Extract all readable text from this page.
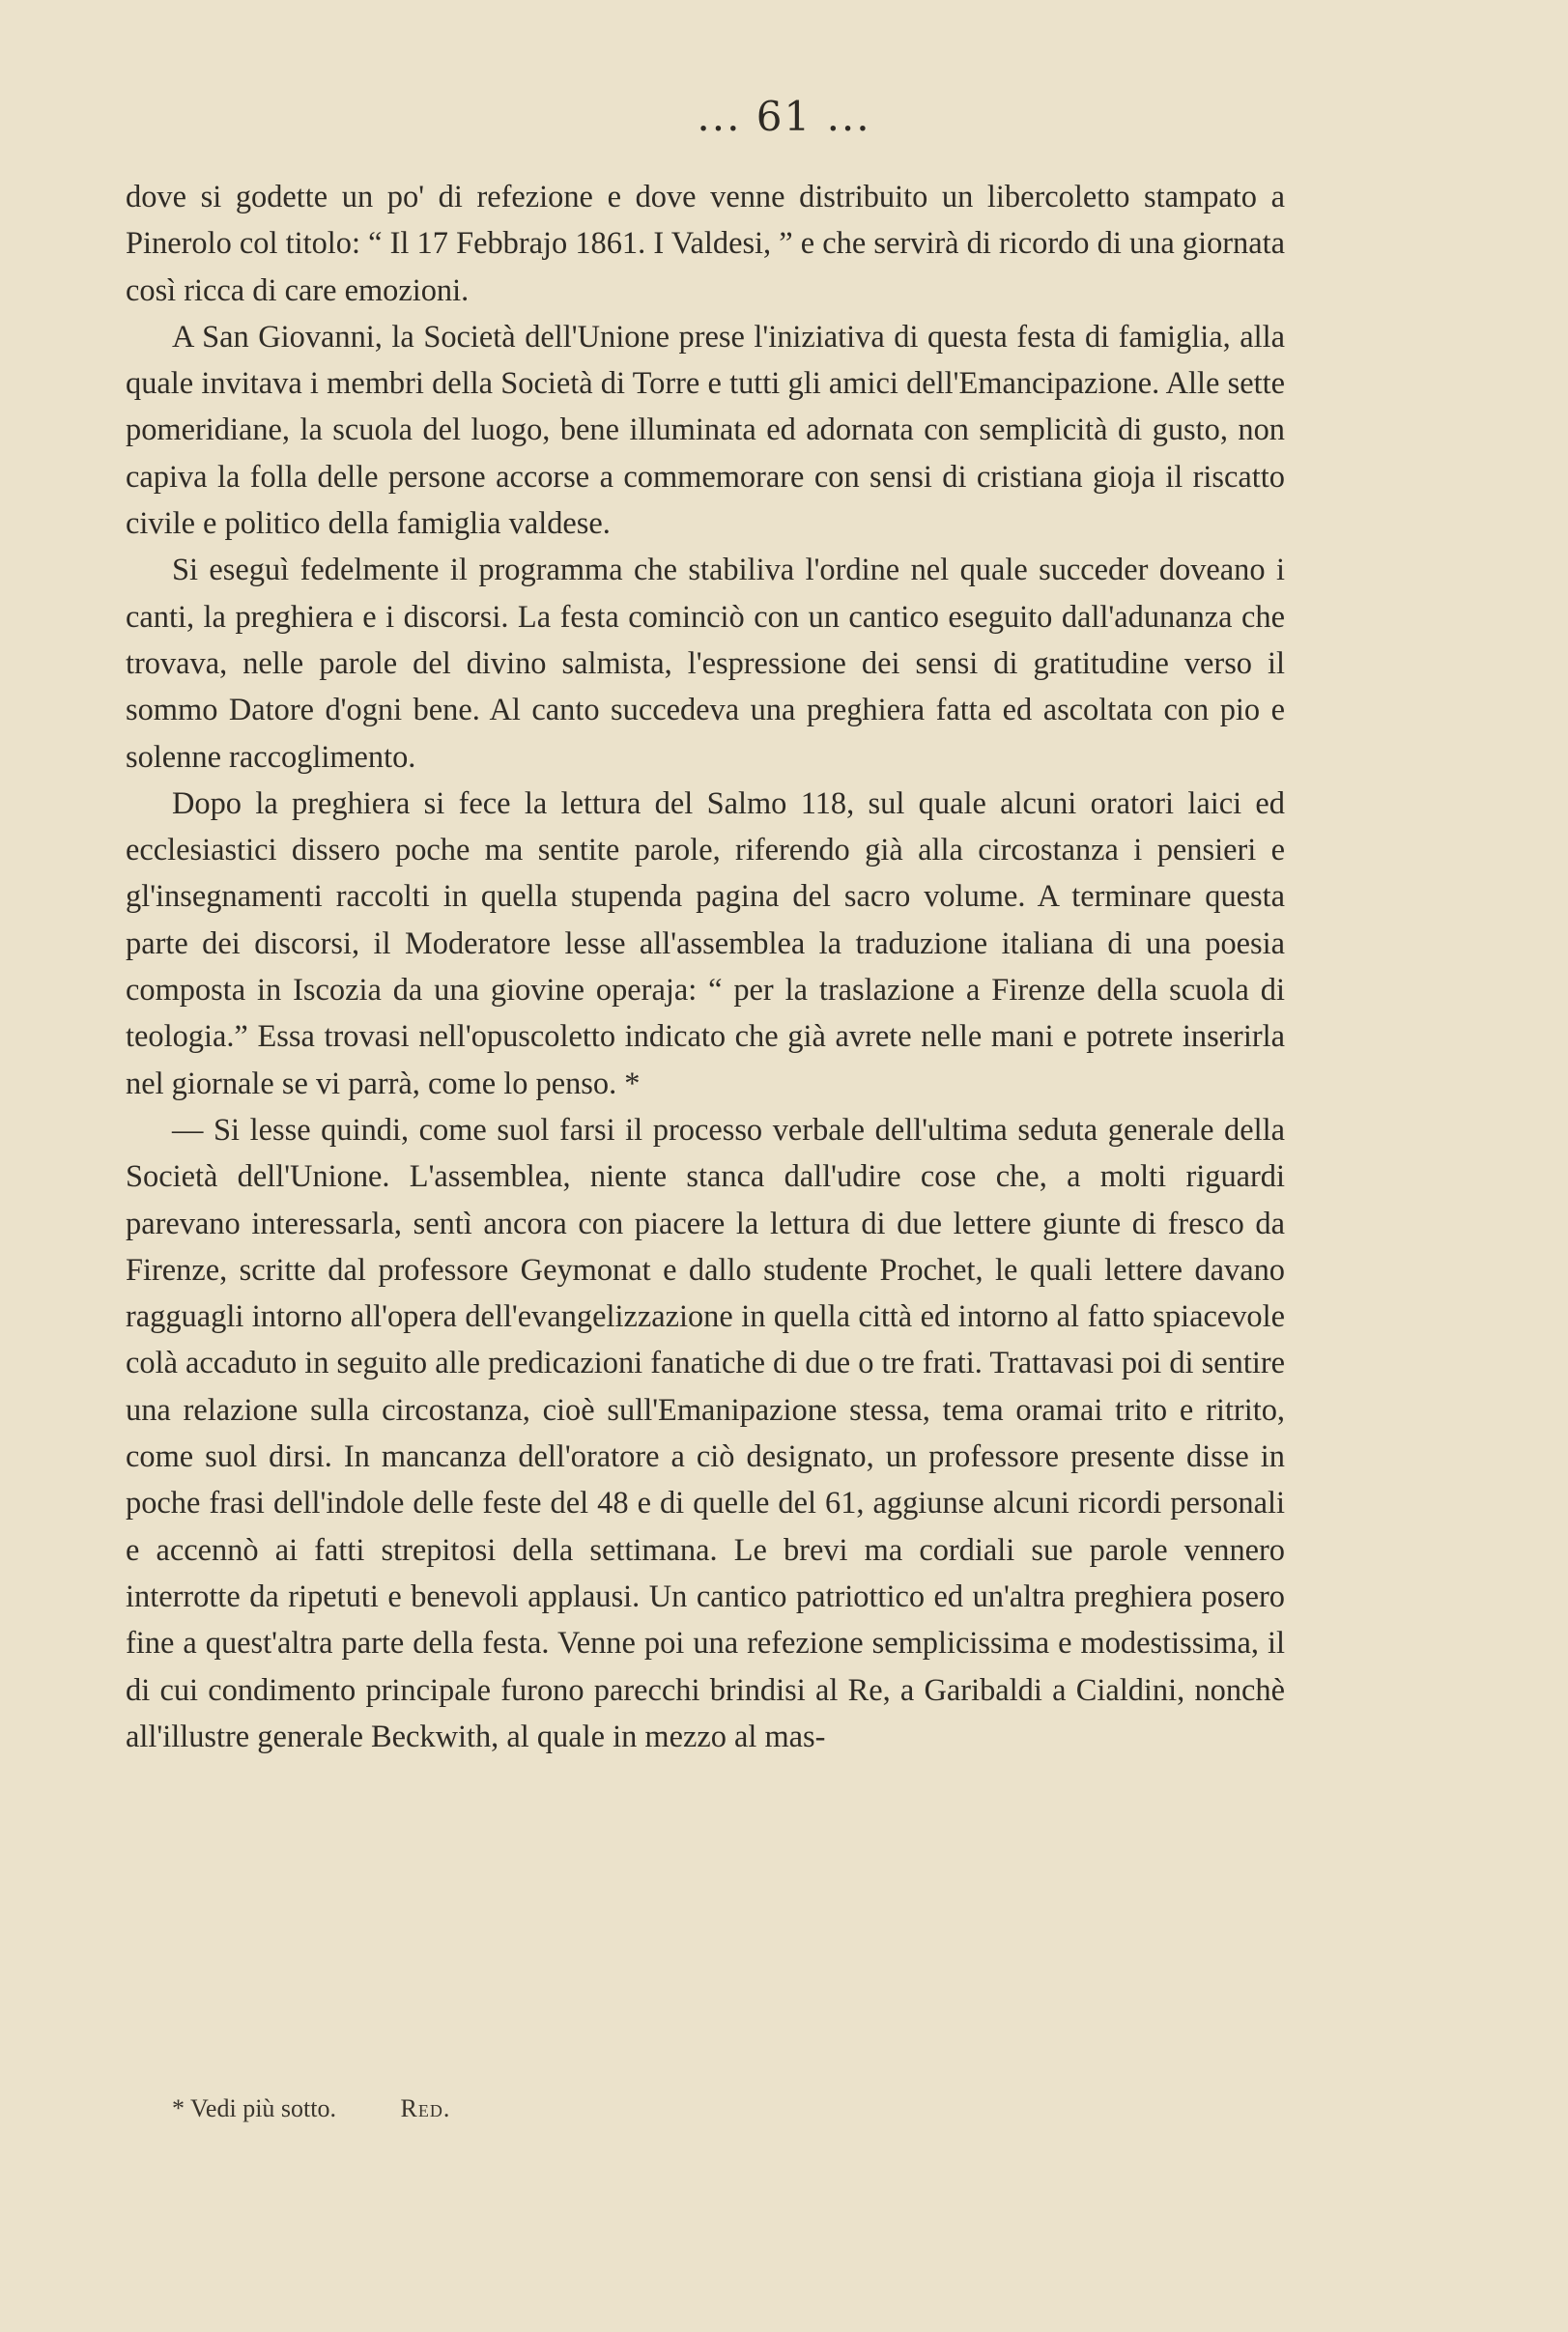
... 61 ...

dove si godette un po' di refezione e dove venne distribuito un libercoletto stampato a Pinerolo col titolo: “ Il 17 Febbrajo 1861. I Valdesi, ” e che servirà di ricordo di una giornata così ricca di care emozioni.

A San Giovanni, la Società dell'Unione prese l'iniziativa di questa festa di famiglia, alla quale invitava i membri della Società di Torre e tutti gli amici dell'Emancipazione. Alle sette pomeridiane, la scuola del luogo, bene illuminata ed adornata con semplicità di gusto, non capiva la folla delle persone accorse a commemorare con sensi di cristiana gioja il riscatto civile e politico della famiglia valdese.

Si eseguì fedelmente il programma che stabiliva l'ordine nel quale succeder doveano i canti, la preghiera e i discorsi. La festa cominciò con un cantico eseguito dall'adunanza che trovava, nelle parole del divino salmista, l'espressione dei sensi di gratitudine verso il sommo Datore d'ogni bene. Al canto succedeva una preghiera fatta ed ascoltata con pio e solenne raccoglimento.

Dopo la preghiera si fece la lettura del Salmo 118, sul quale alcuni oratori laici ed ecclesiastici dissero poche ma sentite parole, riferendo già alla circostanza i pensieri e gl'insegnamenti raccolti in quella stupenda pagina del sacro volume. A terminare questa parte dei discorsi, il Moderatore lesse all'assemblea la traduzione italiana di una poesia composta in Iscozia da una giovine operaja: “ per la traslazione a Firenze della scuola di teologia.” Essa trovasi nell'opuscoletto indicato che già avrete nelle mani e potrete inserirla nel giornale se vi parrà, come lo penso. *

— Si lesse quindi, come suol farsi il processo verbale dell'ultima seduta generale della Società dell'Unione. L'assemblea, niente stanca dall'udire cose che, a molti riguardi parevano interessarla, sentì ancora con piacere la lettura di due lettere giunte di fresco da Firenze, scritte dal professore Geymonat e dallo studente Prochet, le quali lettere davano ragguagli intorno all'opera dell'evangelizzazione in quella città ed intorno al fatto spiacevole colà accaduto in seguito alle predicazioni fanatiche di due o tre frati. Trattavasi poi di sentire una relazione sulla circostanza, cioè sull'Emanipazione stessa, tema oramai trito e ritrito, come suol dirsi. In mancanza dell'oratore a ciò designato, un professore presente disse in poche frasi dell'indole delle feste del 48 e di quelle del 61, aggiunse alcuni ricordi personali e accennò ai fatti strepitosi della settimana. Le brevi ma cordiali sue parole vennero interrotte da ripetuti e benevoli applausi. Un cantico patriottico ed un'altra preghiera posero fine a quest'altra parte della festa. Venne poi una refezione semplicissima e modestissima, il di cui condimento principale furono parecchi brindisi al Re, a Garibaldi a Cialdini, nonchè all'illustre generale Beckwith, al quale in mezzo al mas-

* Vedi più sotto.	Red.
